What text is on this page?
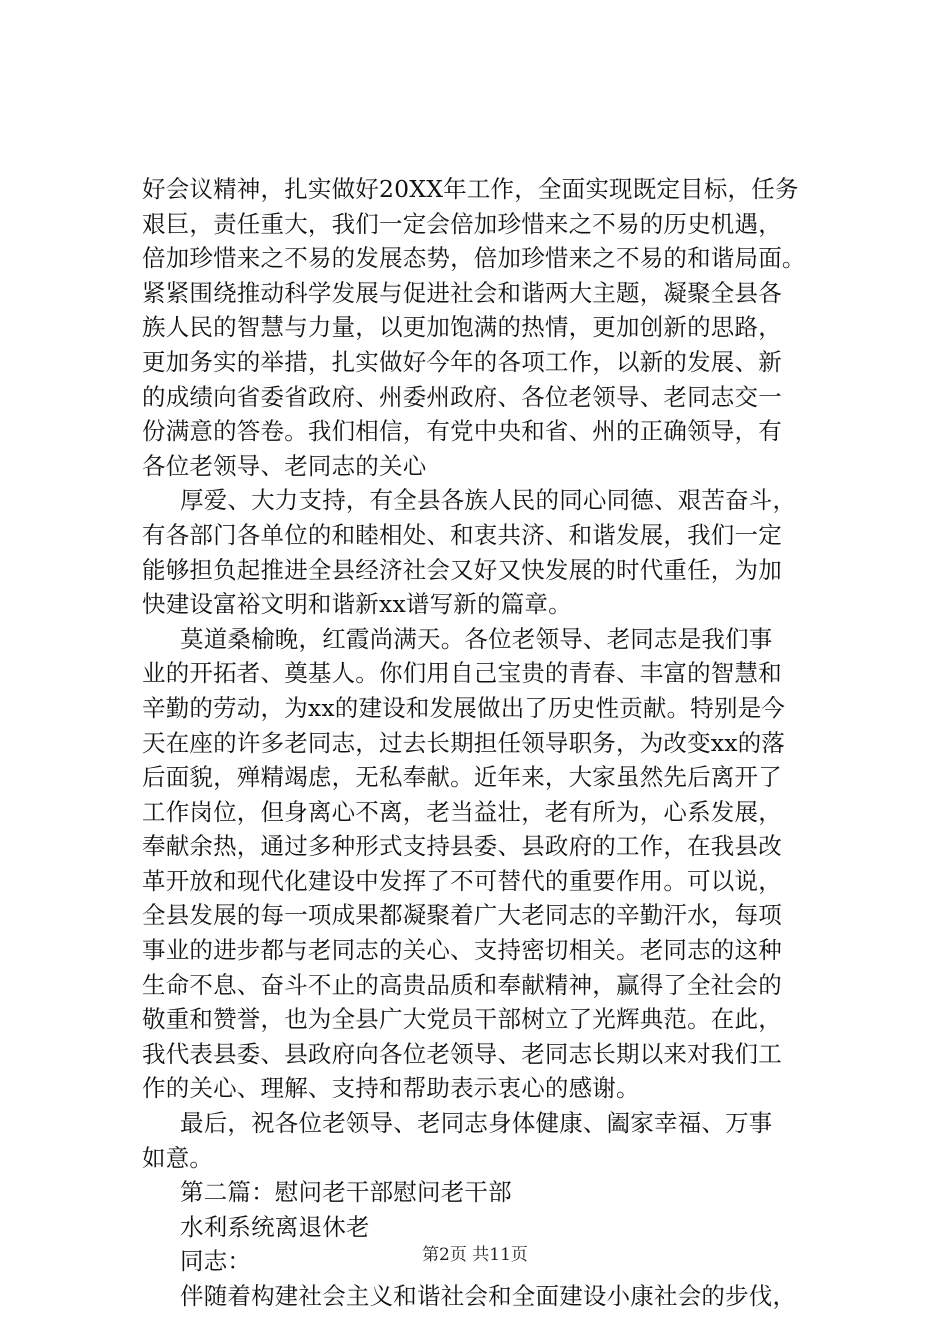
好会议精神，扎实做好20XX年工作，全面实现既定目标，任务
艰巨，责任重大，我们一定会倍加珍惜来之不易的历史机遇，
倍加珍惜来之不易的发展态势，倍加珍惜来之不易的和谐局面。
紧紧围绕推动科学发展与促进社会和谐两大主题，凝聚全县各
族人民的智慧与力量，以更加饱满的热情，更加创新的思路，
更加务实的举措，扎实做好今年的各项工作，以新的发展、新
的成绩向省委省政府、州委州政府、各位老领导、老同志交一
份满意的答卷。我们相信，有党中央和省、州的正确领导，有
各位老领导、老同志的关心
厚爱、大力支持，有全县各族人民的同心同德、艰苦奋斗，
有各部门各单位的和睦相处、和衷共济、和谐发展，我们一定
能够担负起推进全县经济社会又好又快发展的时代重任，为加
快建设富裕文明和谐新xx谱写新的篇章。
莫道桑榆晚，红霞尚满天。各位老领导、老同志是我们事
业的开拓者、奠基人。你们用自己宝贵的青春、丰富的智慧和
辛勤的劳动，为xx的建设和发展做出了历史性贡献。特别是今
天在座的许多老同志，过去长期担任领导职务，为改变xx的落
后面貌，殚精竭虑，无私奉献。近年来，大家虽然先后离开了
工作岗位，但身离心不离，老当益壮，老有所为，心系发展，
奉献余热，通过多种形式支持县委、县政府的工作，在我县改
革开放和现代化建设中发挥了不可替代的重要作用。可以说，
全县发展的每一项成果都凝聚着广大老同志的辛勤汗水，每项
事业的进步都与老同志的关心、支持密切相关。老同志的这种
生命不息、奋斗不止的高贵品质和奉献精神，赢得了全社会的
敬重和赞誉，也为全县广大党员干部树立了光辉典范。在此，
我代表县委、县政府向各位老领导、老同志长期以来对我们工
作的关心、理解、支持和帮助表示衷心的感谢。
最后，祝各位老领导、老同志身体健康、阖家幸福、万事
如意。
第二篇：慰问老干部慰问老干部
水利系统离退休老
同志：
伴随着构建社会主义和谐社会和全面建设小康社会的步伐，
第2页 共11页
